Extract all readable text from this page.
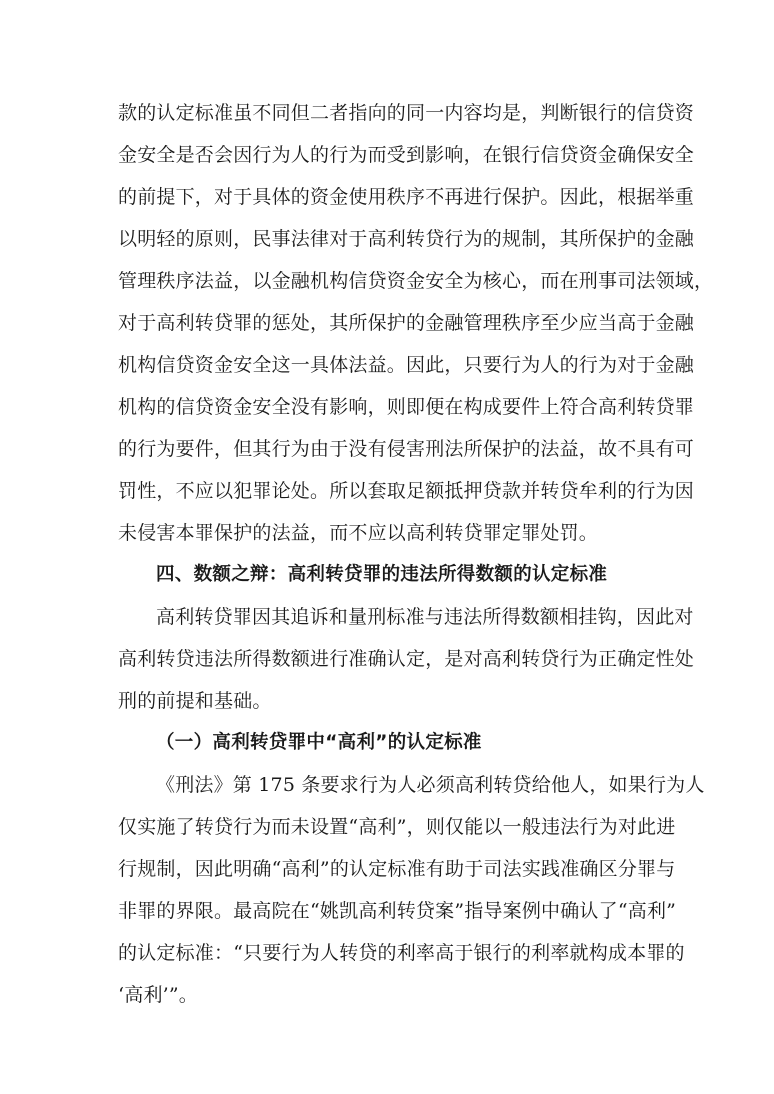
款的认定标准虽不同但二者指向的同一内容均是，判断银行的信贷资
金安全是否会因行为人的行为而受到影响，在银行信贷资金确保安全
的前提下，对于具体的资金使用秩序不再进行保护。因此，根据举重
以明轻的原则，民事法律对于高利转贷行为的规制，其所保护的金融
管理秩序法益，以金融机构信贷资金安全为核心，而在刑事司法领域，
对于高利转贷罪的惩处，其所保护的金融管理秩序至少应当高于金融
机构信贷资金安全这一具体法益。因此，只要行为人的行为对于金融
机构的信贷资金安全没有影响，则即便在构成要件上符合高利转贷罪
的行为要件，但其行为由于没有侵害刑法所保护的法益，故不具有可
罚性，不应以犯罪论处。所以套取足额抵押贷款并转贷牟利的行为因
未侵害本罪保护的法益，而不应以高利转贷罪定罪处罚。
四、数额之辩：高利转贷罪的违法所得数额的认定标准
高利转贷罪因其追诉和量刑标准与违法所得数额相挂钩，因此对
高利转贷违法所得数额进行准确认定，是对高利转贷行为正确定性处
刑的前提和基础。
（一）高利转贷罪中“高利”的认定标准
《刑法》第 175 条要求行为人必须高利转贷给他人，如果行为人
仅实施了转贷行为而未设置“高利”，则仅能以一般违法行为对此进
行规制，因此明确“高利”的认定标准有助于司法实践准确区分罪与
非罪的界限。最高院在“姚凯高利转贷案”指导案例中确认了“高利”
的认定标准：“只要行为人转贷的利率高于银行的利率就构成本罪的
‘高利’”。
